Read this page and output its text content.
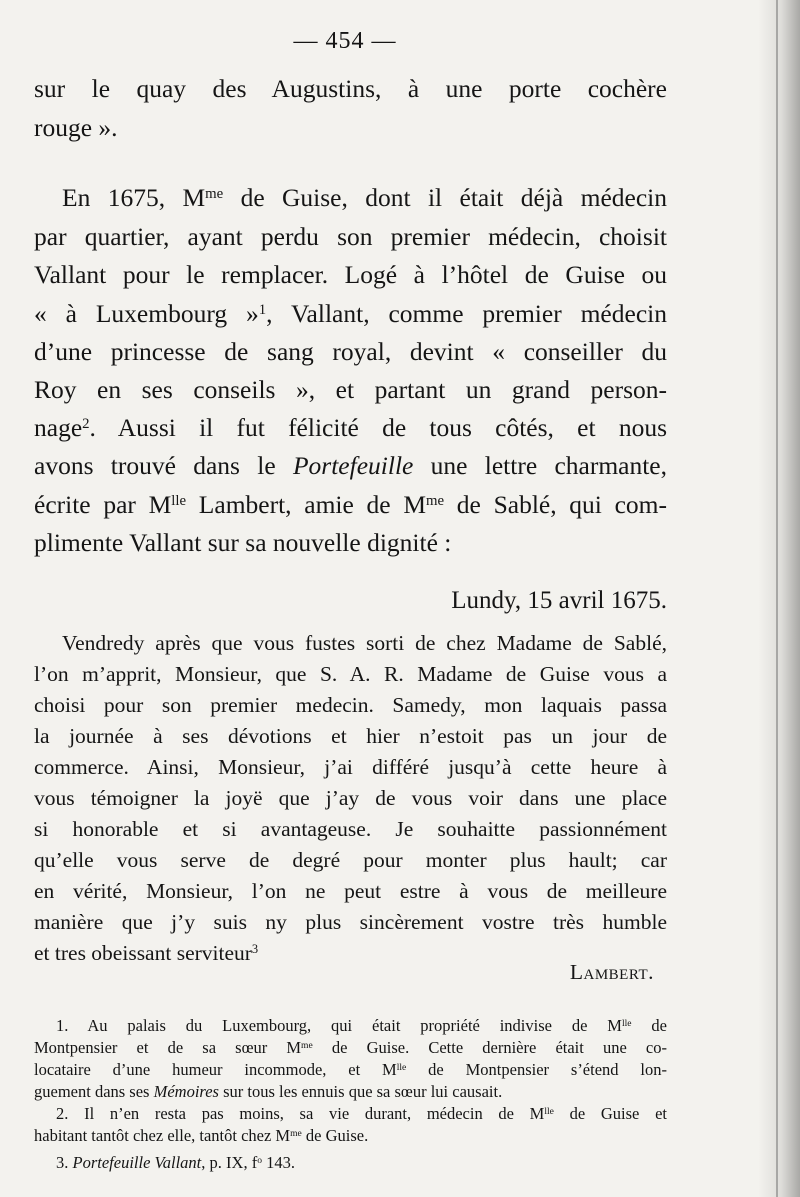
— 454 —
sur le quay des Augustins, à une porte cochère
rouge ».
En 1675, $M^{me}$ de Guise, dont il était déjà médecin
par quartier, ayant perdu son premier médecin, choisit
Vallant pour le remplacer. Logé à l’hôtel de Guise ou
« à Luxembourg »$^1$, Vallant, comme premier médecin
d’une princesse de sang royal, devint « conseiller du
Roy en ses conseils », et partant un grand person-
nage$^2$. Aussi il fut félicité de tous côtés, et nous
avons trouvé dans le Portefeuille une lettre charmante,
écrite par $M^{lle}$ Lambert, amie de $M^{me}$ de Sablé, qui com-
plimente Vallant sur sa nouvelle dignité :
Lundy, 15 avril 1675.
Vendredy après que vous fustes sorti de chez Madame de Sablé,
l’on m’apprit, Monsieur, que S. A. R. Madame de Guise vous a
choisi pour son premier medecin. Samedy, mon laquais passa
la journée à ses dévotions et hier n’estoit pas un jour de
commerce. Ainsi, Monsieur, j’ai différé jusqu’à cette heure à
vous témoigner la joyë que j’ay de vous voir dans une place
si honorable et si avantageuse. Je souhaitte passionnément
qu’elle vous serve de degré pour monter plus hault; car
en vérité, Monsieur, l’on ne peut estre à vous de meilleure
manière que j’y suis ny plus sincèrement vostre très humble
et tres obeissant serviteur$^3$
Lambert.
1. Au palais du Luxembourg, qui était propriété indivise de $M^{lle}$ de
Montpensier et de sa sœur $M^{me}$ de Guise. Cette dernière était une co-
locataire d’une humeur incommode, et $M^{lle}$ de Montpensier s’étend lon-
guement dans ses Mémoires sur tous les ennuis que sa sœur lui causait.
2. Il n’en resta pas moins, sa vie durant, médecin de $M^{lle}$ de Guise et
habitant tantôt chez elle, tantôt chez $M^{me}$ de Guise.
3. Portefeuille Vallant, p. IX, $f^o$ 143.
